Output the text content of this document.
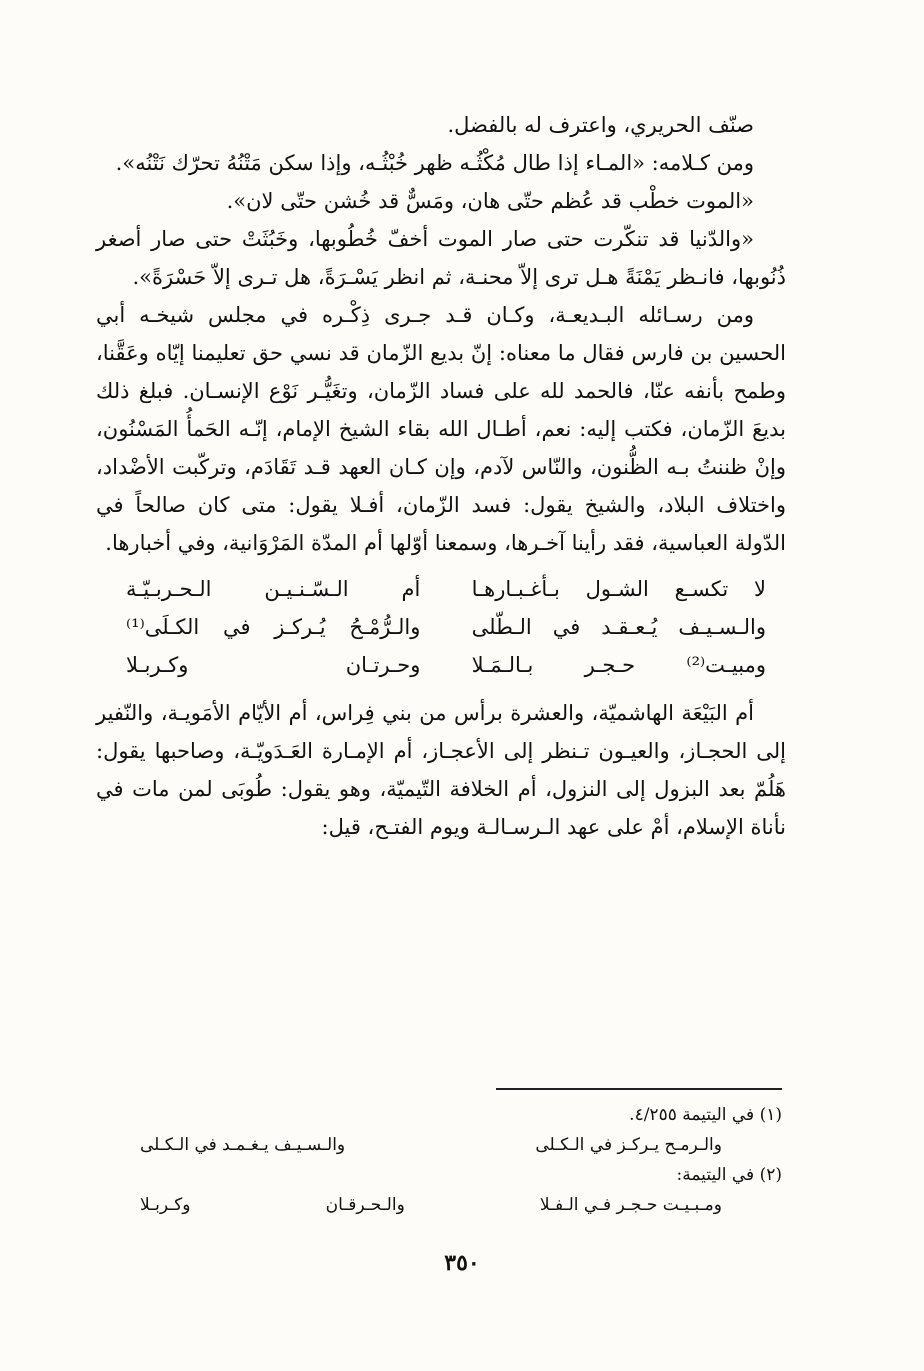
صنّف الحريري، واعترف له بالفضل.

ومن كـلامه: «المـاء إذا طال مُكْثُـه ظهر خُبْثُـه، وإذا سكن مَتْنُهُ تحرّك نَتْنُه».

«الموت خطْب قد عُظم حتّى هان، ومَسٌّ قد خُشن حتّى لان».

«والدّنيا قد تنكّرت حتى صار الموت أخفّ خُطُوبها، وخَبُثَتْ حتى صار أصغر ذُنُوبها، فانـظر يَمْنَةً هـل ترى إلاّ محنـة، ثم انظر يَسْـرَةً، هل تـرى إلاّ حَسْرَةً».

ومن رسـائله البـديعـة، وكـان قـد جـرى ذِكْـره في مجلس شيخـه أبي الحسين بن فارس فقال ما معناه: إنّ بديع الزّمان قد نسي حق تعليمنا إيّاه وعَقَّنا، وطمح بأنفه عنّا، فالحمد لله على فساد الزّمان، وتغَيُّـر نَوْع الإنسـان. فبلغ ذلك بديعَ الزّمان، فكتب إليه: نعم، أطـال الله بقاء الشيخ الإمام، إنّـه الحَمأُ المَسْنُون، وإنْ ظننتُ بـه الظُّنون، والنّاس لآدم، وإن كـان العهد قـد تَقَادَم، وتركّبت الأضْداد، واختلاف البلاد، والشيخ يقول: فسد الزّمان، أفـلا يقول: متى كان صالحاً في الدّولة العباسية، فقد رأينا آخـرها، وسمعنا أوّلها أم المدّة المَرْوَانية، وفي أخبارها.

لا تكسـع الشـول بـأغـبـارهـا
أم الـسّـنـيـن الـحـربـيّـة
والـسـيـف يُـعـقـد في الـطّلى
والـرُّمْـحُ يُـركـز في الكـلَى⁽¹⁾
ومبيـت⁽²⁾ حـجـر بـالـمَـلا
وحـرتـان وكـربـلا

أم البَيْعَة الهاشميّة، والعشرة برأس من بني فِراس، أم الأيّام الأمَويـة، والنّفير إلى الحجـاز، والعيـون تـنظر إلى الأعجـاز، أم الإمـارة العَـدَويّـة، وصاحبها يقول: هَلُمّ بعد البزول إلى النزول، أم الخلافة التّيميّة، وهو يقول: طُوبَى لمن مات في نأناة الإسلام، أمْ على عهد الـرسـالـة ويوم الفتـح، قيل:

(١) في اليتيمة ٤/٢٥٥.

والـرمـح يـركـز في الـكـلى
والـسـيـف يـغـمـد في الـكـلى

(٢) في اليتيمة:

ومـبـيـت حـجـر فـي الـفـلا
والـحـرقـان
وكـربـلا
٣٥٠
